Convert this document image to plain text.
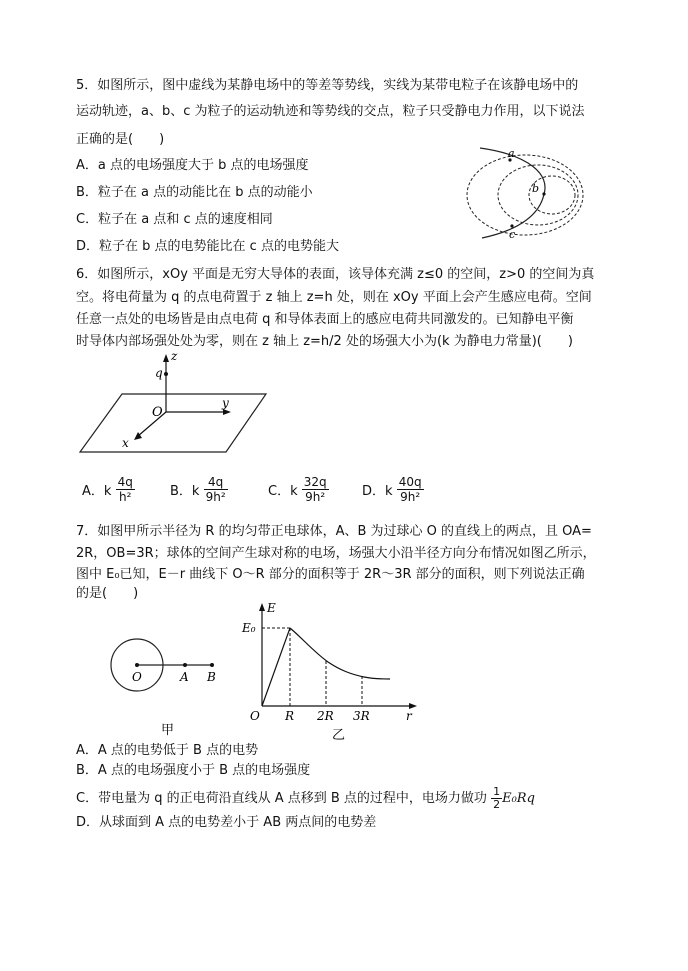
5．如图所示，图中虚线为某静电场中的等差等势线，实线为某带电粒子在该静电场中的
运动轨迹，a、b、c 为粒子的运动轨迹和等势线的交点，粒子只受静电力作用，以下说法
正确的是(　　)
A．a 点的电场强度大于 b 点的电场强度
B．粒子在 a 点的动能比在 b 点的动能小
C．粒子在 a 点和 c 点的速度相同
D．粒子在 b 点的电势能比在 c 点的电势能大
a
b
c
6．如图所示，xOy 平面是无穷大导体的表面，该导体充满 z≤0 的空间，z>0 的空间为真
空。将电荷量为 q 的点电荷置于 z 轴上 z=h 处，则在 xOy 平面上会产生感应电荷。空间
任意一点处的电场皆是由点电荷 q 和导体表面上的感应电荷共同激发的。已知静电平衡
时导体内部场强处处为零，则在 z 轴上 z=h/2 处的场强大小为(k 为静电力常量)(　　)
q
z
y
O
x
A．k $\frac{4q}{\text{h²}}$	B．k $\frac{4q}{\text{9h²}}$	C．k $\frac{32q}{\text{9h²}}$	D．k $\frac{40q}{\text{9h²}}$
7．如图甲所示半径为 R 的均匀带正电球体，A、B 为过球心 O 的直线上的两点，且 OA=
2R，OB=3R；球体的空间产生球对称的电场，场强大小沿半径方向分布情况如图乙所示，
图中 E₀已知，E－r 曲线下 O～R 部分的面积等于 2R～3R 部分的面积，则下列说法正确
的是(　　)
O	A B
甲
E
E₀
O R 2R 3R	r
乙
A．A 点的电势低于 B 点的电势
B．A 点的电场强度小于 B 点的电场强度
C．带电量为 q 的正电荷沿直线从 A 点移到 B 点的过程中，电场力做功 $\frac{1}{2} E_0Rq$
D．从球面到 A 点的电势差小于 AB 两点间的电势差
